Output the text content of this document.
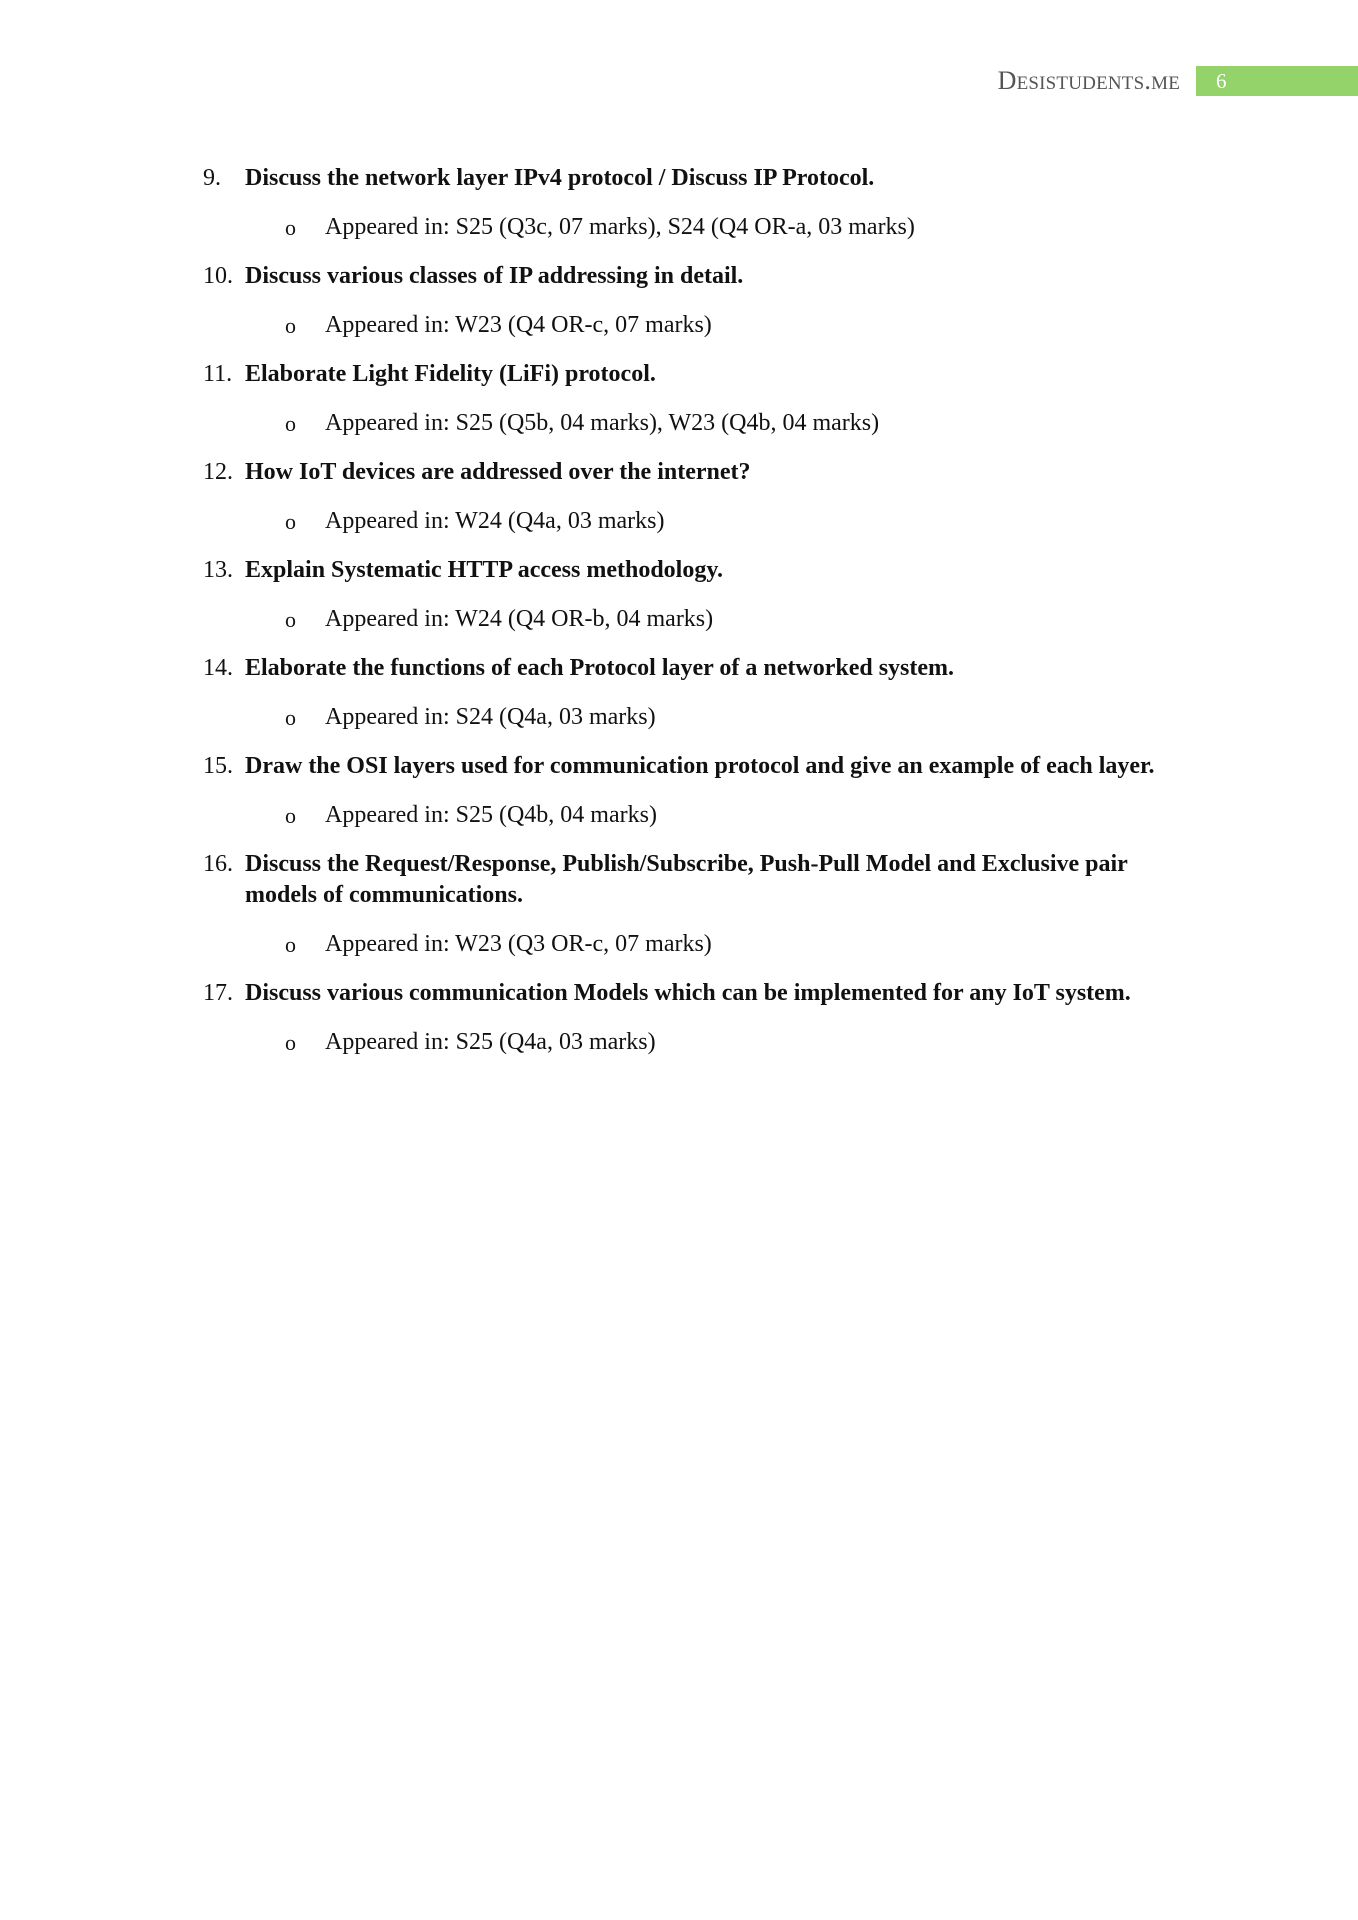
DESISTUDENTS.ME	6
9. Discuss the network layer IPv4 protocol / Discuss IP Protocol.
o Appeared in: S25 (Q3c, 07 marks), S24 (Q4 OR-a, 03 marks)
10. Discuss various classes of IP addressing in detail.
o Appeared in: W23 (Q4 OR-c, 07 marks)
11. Elaborate Light Fidelity (LiFi) protocol.
o Appeared in: S25 (Q5b, 04 marks), W23 (Q4b, 04 marks)
12. How IoT devices are addressed over the internet?
o Appeared in: W24 (Q4a, 03 marks)
13. Explain Systematic HTTP access methodology.
o Appeared in: W24 (Q4 OR-b, 04 marks)
14. Elaborate the functions of each Protocol layer of a networked system.
o Appeared in: S24 (Q4a, 03 marks)
15. Draw the OSI layers used for communication protocol and give an example of each layer.
o Appeared in: S25 (Q4b, 04 marks)
16. Discuss the Request/Response, Publish/Subscribe, Push-Pull Model and Exclusive pair models of communications.
o Appeared in: W23 (Q3 OR-c, 07 marks)
17. Discuss various communication Models which can be implemented for any IoT system.
o Appeared in: S25 (Q4a, 03 marks)
